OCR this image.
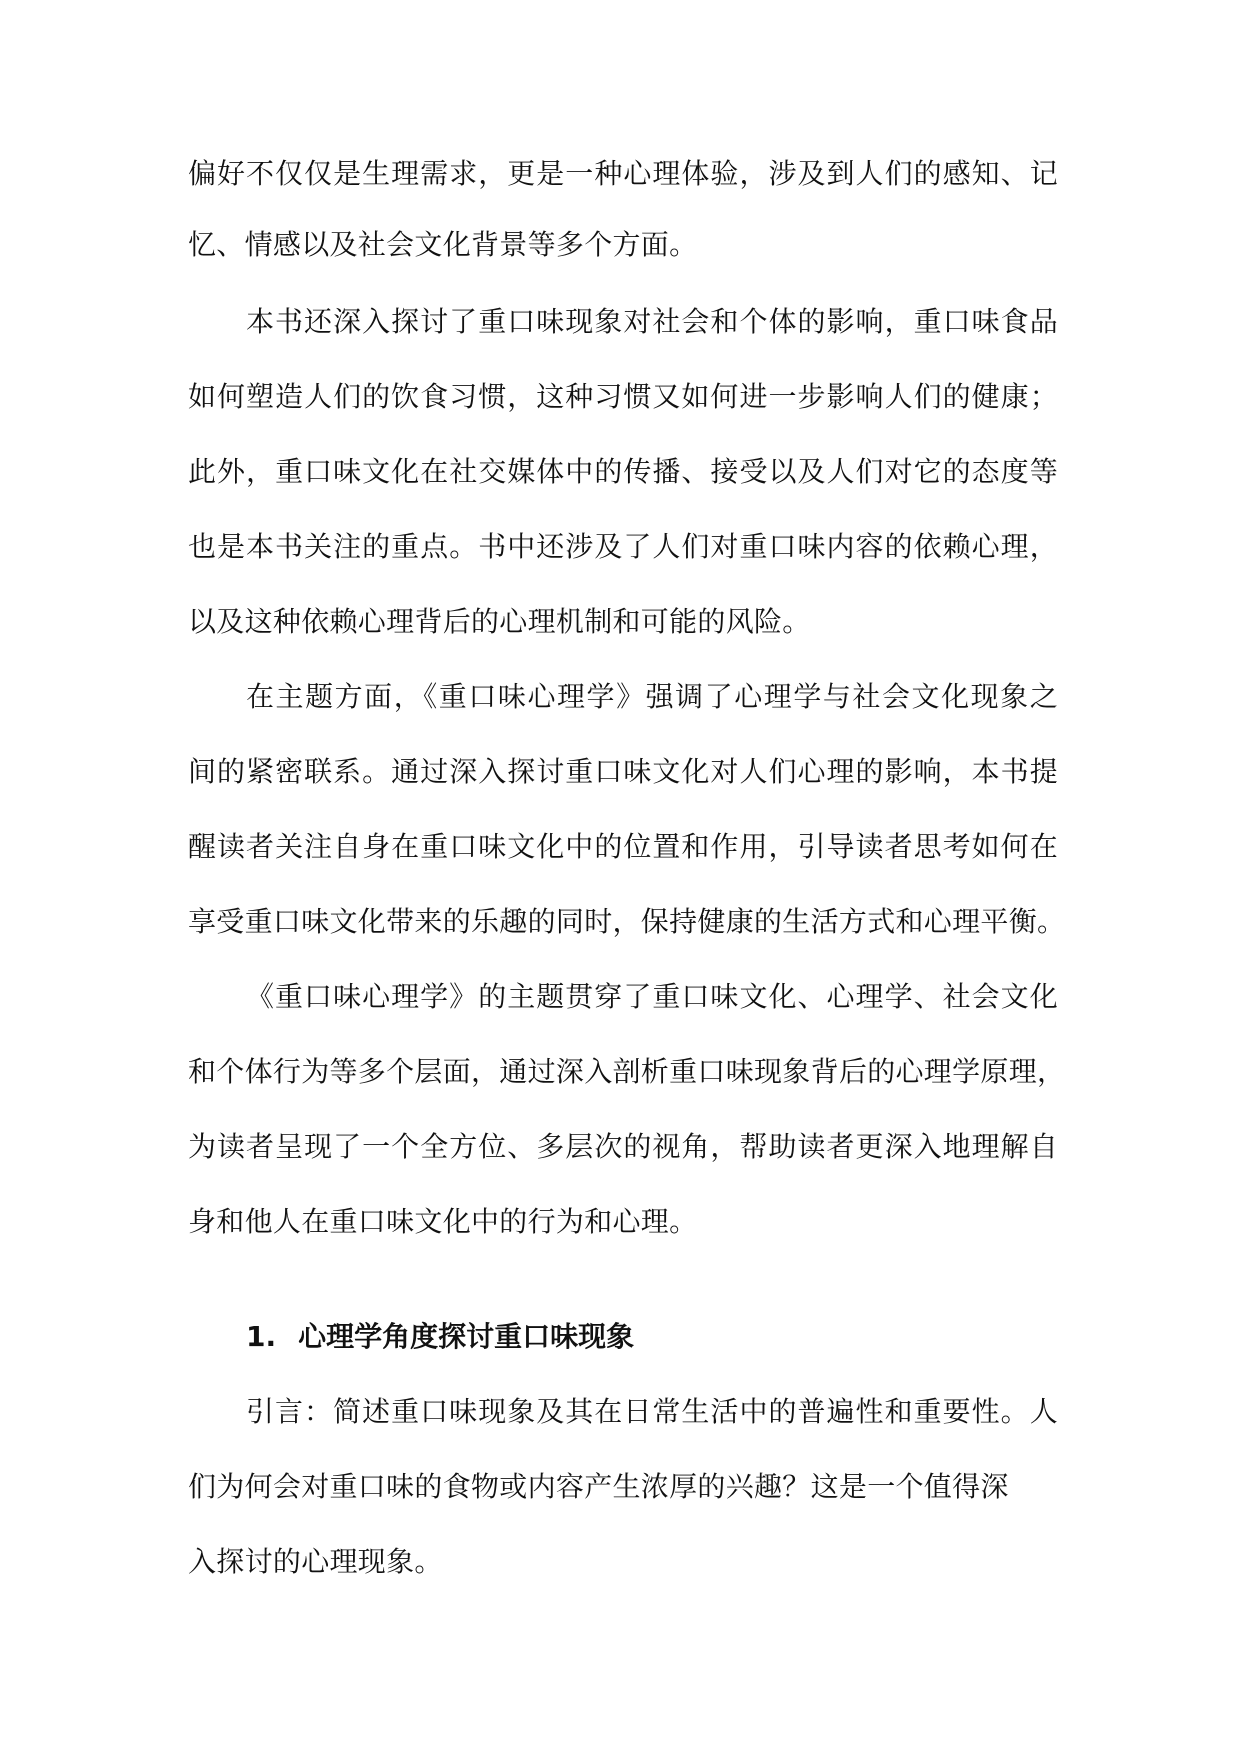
偏好不仅仅是生理需求，更是一种心理体验，涉及到人们的感知、记
忆、情感以及社会文化背景等多个方面。
本书还深入探讨了重口味现象对社会和个体的影响，重口味食品
如何塑造人们的饮食习惯，这种习惯又如何进一步影响人们的健康；
此外，重口味文化在社交媒体中的传播、接受以及人们对它的态度等
也是本书关注的重点。书中还涉及了人们对重口味内容的依赖心理，
以及这种依赖心理背后的心理机制和可能的风险。
在主题方面，《重口味心理学》强调了心理学与社会文化现象之
间的紧密联系。通过深入探讨重口味文化对人们心理的影响，本书提
醒读者关注自身在重口味文化中的位置和作用，引导读者思考如何在
享受重口味文化带来的乐趣的同时，保持健康的生活方式和心理平衡。
《重口味心理学》的主题贯穿了重口味文化、心理学、社会文化
和个体行为等多个层面，通过深入剖析重口味现象背后的心理学原理，
为读者呈现了一个全方位、多层次的视角，帮助读者更深入地理解自
身和他人在重口味文化中的行为和心理。
1. 心理学角度探讨重口味现象
引言：简述重口味现象及其在日常生活中的普遍性和重要性。人
们为何会对重口味的食物或内容产生浓厚的兴趣？这是一个值得深
入探讨的心理现象。
